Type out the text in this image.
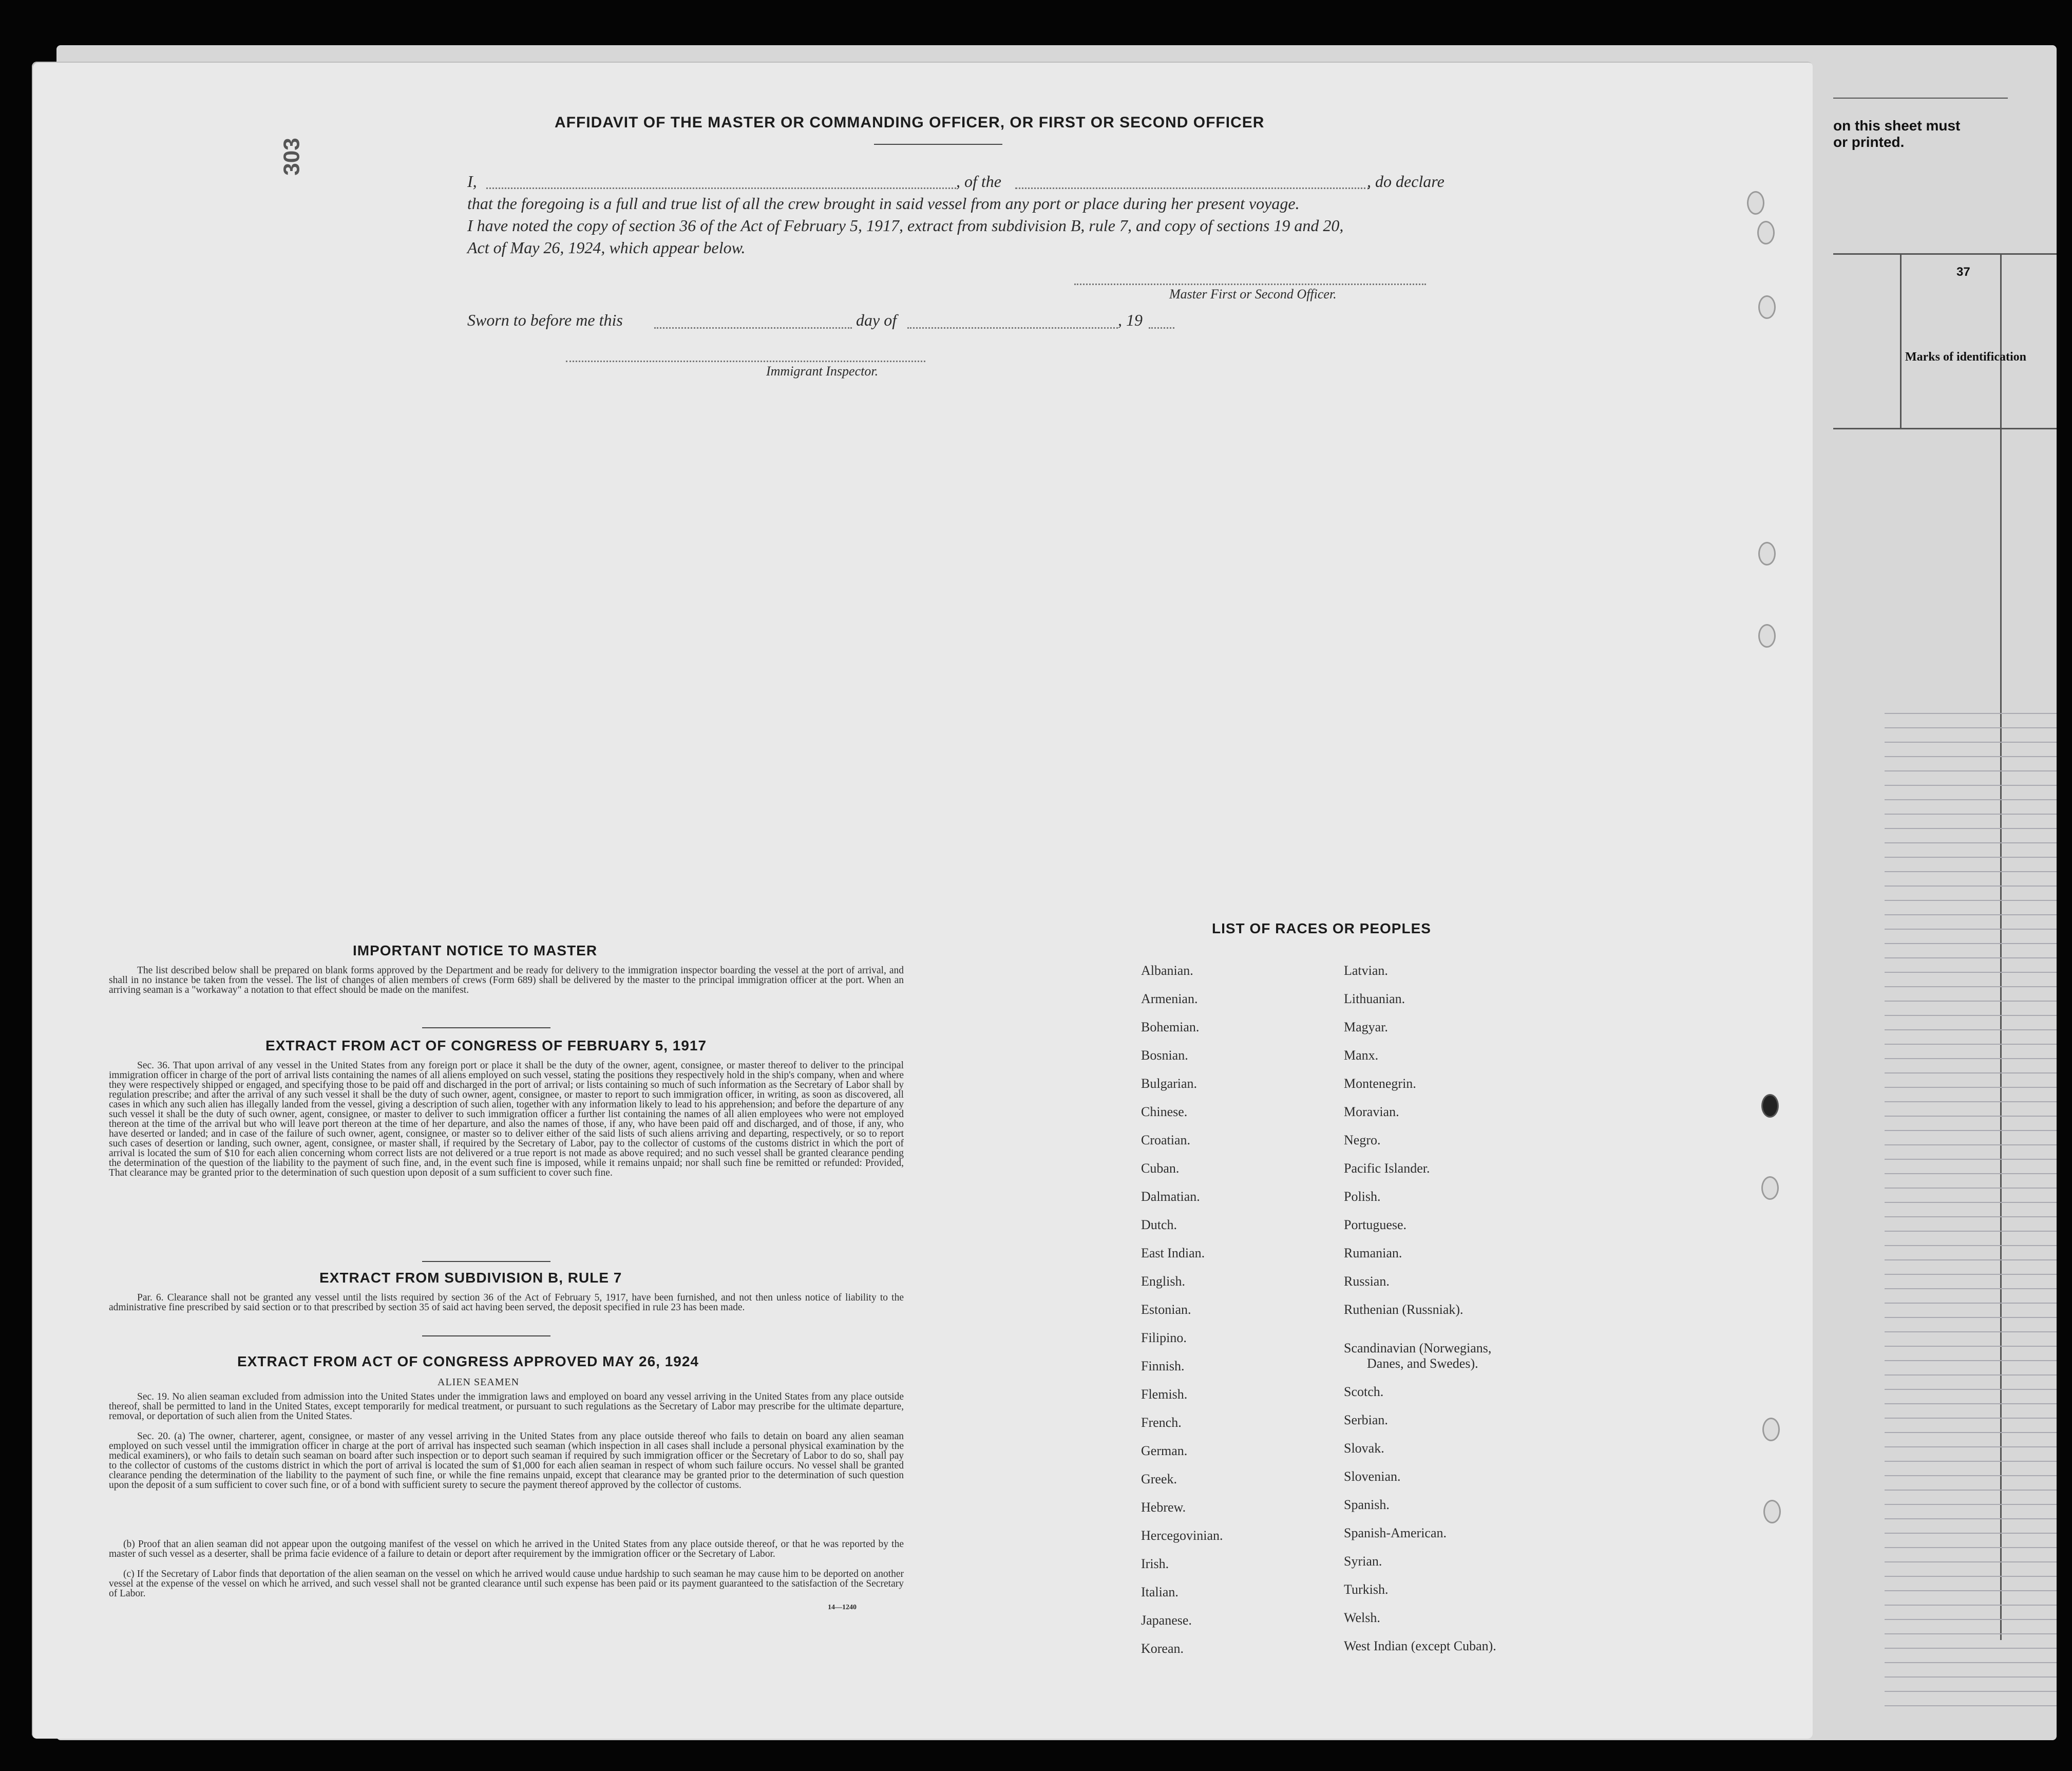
on this sheet must
or printed.
37
Marks of identification
303
AFFIDAVIT OF THE MASTER OR COMMANDING OFFICER, OR FIRST OR SECOND OFFICER
I,	, of the	, do declare
that the foregoing is a full and true list of all the crew brought in said vessel from any port or place during her present voyage.
I have noted the copy of section 36 of the Act of February 5, 1917, extract from subdivision B, rule 7, and copy of sections 19 and 20,
Act of May 26, 1924, which appear below.
Master First or Second Officer.
Sworn to before me this	day of	, 19
Immigrant Inspector.
IMPORTANT NOTICE TO MASTER
The list described below shall be prepared on blank forms approved by the Department and be ready for delivery to the immigration inspector boarding the vessel at the port of arrival, and shall in no instance be taken from the vessel. The list of changes of alien members of crews (Form 689) shall be delivered by the master to the principal immigration officer at the port. When an arriving seaman is a "workaway" a notation to that effect should be made on the manifest.
EXTRACT FROM ACT OF CONGRESS OF FEBRUARY 5, 1917
Sec. 36. That upon arrival of any vessel in the United States from any foreign port or place it shall be the duty of the owner, agent, consignee, or master thereof to deliver to the principal immigration officer in charge of the port of arrival lists containing the names of all aliens employed on such vessel, stating the positions they respectively hold in the ship's company, when and where they were respectively shipped or engaged, and specifying those to be paid off and discharged in the port of arrival; or lists containing so much of such information as the Secretary of Labor shall by regulation prescribe; and after the arrival of any such vessel it shall be the duty of such owner, agent, consignee, or master to report to such immigration officer, in writing, as soon as discovered, all cases in which any such alien has illegally landed from the vessel, giving a description of such alien, together with any information likely to lead to his apprehension; and before the departure of any such vessel it shall be the duty of such owner, agent, consignee, or master to deliver to such immigration officer a further list containing the names of all alien employees who were not employed thereon at the time of the arrival but who will leave port thereon at the time of her departure, and also the names of those, if any, who have been paid off and discharged, and of those, if any, who have deserted or landed; and in case of the failure of such owner, agent, consignee, or master so to deliver either of the said lists of such aliens arriving and departing, respectively, or so to report such cases of desertion or landing, such owner, agent, consignee, or master shall, if required by the Secretary of Labor, pay to the collector of customs of the customs district in which the port of arrival is located the sum of $10 for each alien concerning whom correct lists are not delivered or a true report is not made as above required; and no such vessel shall be granted clearance pending the determination of the question of the liability to the payment of such fine, and, in the event such fine is imposed, while it remains unpaid; nor shall such fine be remitted or refunded: Provided, That clearance may be granted prior to the determination of such question upon deposit of a sum sufficient to cover such fine.
EXTRACT FROM SUBDIVISION B, RULE 7
Par. 6. Clearance shall not be granted any vessel until the lists required by section 36 of the Act of February 5, 1917, have been furnished, and not then unless notice of liability to the administrative fine prescribed by said section or to that prescribed by section 35 of said act having been served, the deposit specified in rule 23 has been made.
EXTRACT FROM ACT OF CONGRESS APPROVED MAY 26, 1924
ALIEN SEAMEN
Sec. 19. No alien seaman excluded from admission into the United States under the immigration laws and employed on board any vessel arriving in the United States from any place outside thereof, shall be permitted to land in the United States, except temporarily for medical treatment, or pursuant to such regulations as the Secretary of Labor may prescribe for the ultimate departure, removal, or deportation of such alien from the United States.
Sec. 20. (a) The owner, charterer, agent, consignee, or master of any vessel arriving in the United States from any place outside thereof who fails to detain on board any alien seaman employed on such vessel until the immigration officer in charge at the port of arrival has inspected such seaman (which inspection in all cases shall include a personal physical examination by the medical examiners), or who fails to detain such seaman on board after such inspection or to deport such seaman if required by such immigration officer or the Secretary of Labor to do so, shall pay to the collector of customs of the customs district in which the port of arrival is located the sum of $1,000 for each alien seaman in respect of whom such failure occurs. No vessel shall be granted clearance pending the determination of the liability to the payment of such fine, or while the fine remains unpaid, except that clearance may be granted prior to the determination of such question upon the deposit of a sum sufficient to cover such fine, or of a bond with sufficient surety to secure the payment thereof approved by the collector of customs.
(b) Proof that an alien seaman did not appear upon the outgoing manifest of the vessel on which he arrived in the United States from any place outside thereof, or that he was reported by the master of such vessel as a deserter, shall be prima facie evidence of a failure to detain or deport after requirement by the immigration officer or the Secretary of Labor.
(c) If the Secretary of Labor finds that deportation of the alien seaman on the vessel on which he arrived would cause undue hardship to such seaman he may cause him to be deported on another vessel at the expense of the vessel on which he arrived, and such vessel shall not be granted clearance until such expense has been paid or its payment guaranteed to the satisfaction of the Secretary of Labor.
14—1240
LIST OF RACES OR PEOPLES
Albanian.
Armenian.
Bohemian.
Bosnian.
Bulgarian.
Chinese.
Croatian.
Cuban.
Dalmatian.
Dutch.
East Indian.
English.
Estonian.
Filipino.
Finnish.
Flemish.
French.
German.
Greek.
Hebrew.
Hercegovinian.
Irish.
Italian.
Japanese.
Korean.
Latvian.
Lithuanian.
Magyar.
Manx.
Montenegrin.
Moravian.
Negro.
Pacific Islander.
Polish.
Portuguese.
Rumanian.
Russian.
Ruthenian (Russniak).
Scandinavian (Norwegians,
Danes, and Swedes).
Scotch.
Serbian.
Slovak.
Slovenian.
Spanish.
Spanish-American.
Syrian.
Turkish.
Welsh.
West Indian (except Cuban).
